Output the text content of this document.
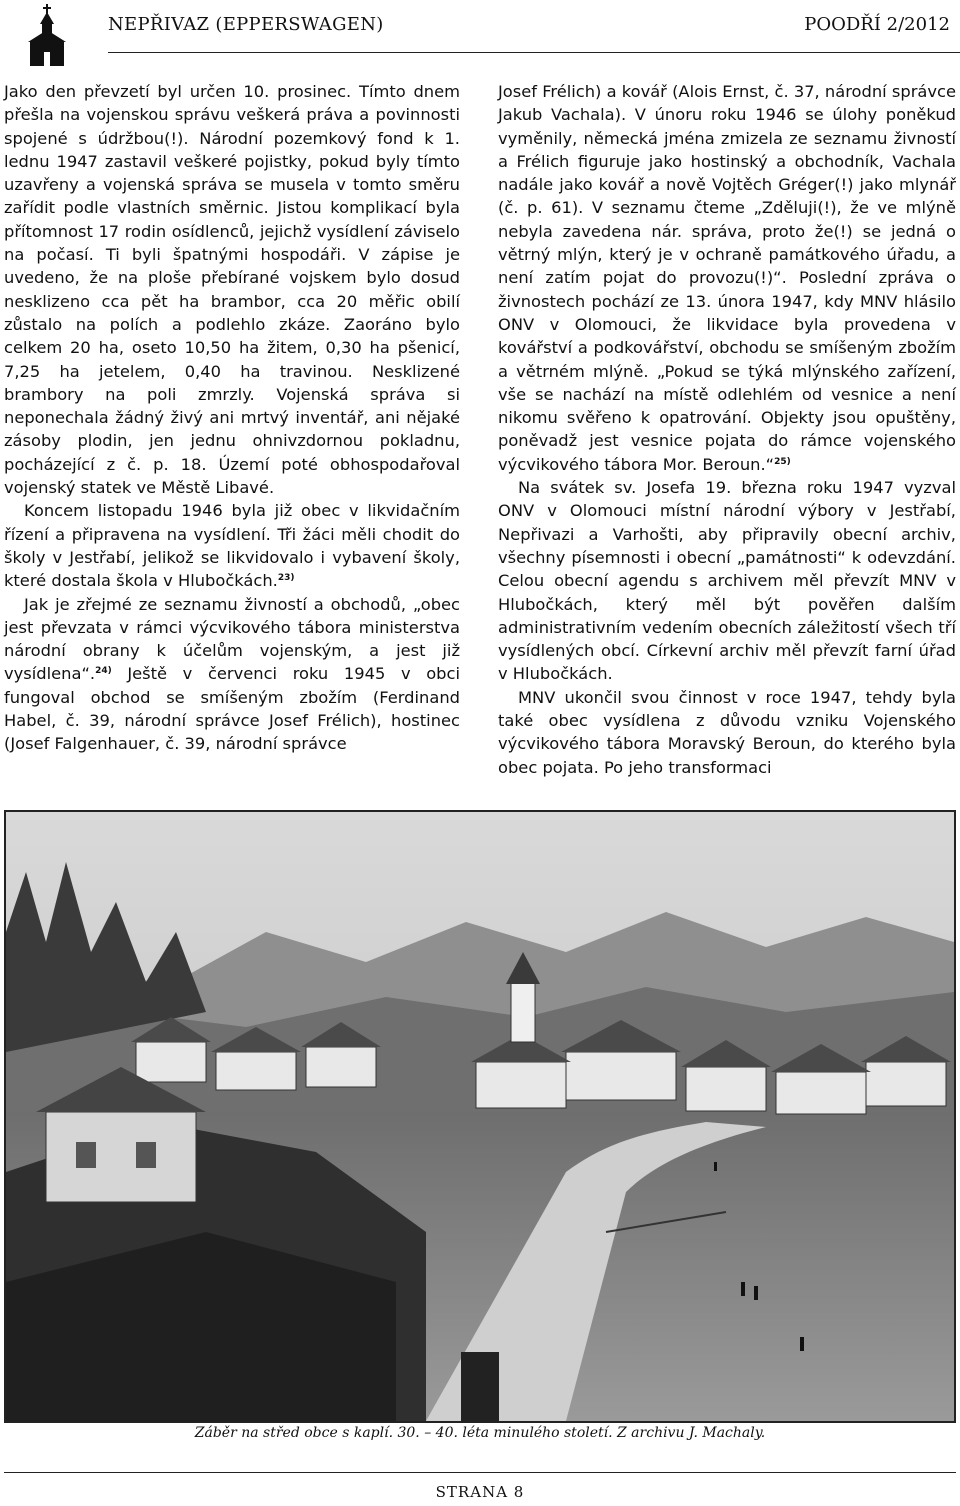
NEPŘIVAZ (EPPERSWAGEN)	POODŘÍ 2/2012

Jako den převzetí byl určen 10. prosinec. Tímto dnem přešla na vojenskou správu veškerá práva a povinnosti spojené s údržbou(!). Národní pozemkový fond k 1. lednu 1947 zastavil veškeré pojistky, pokud byly tímto uzavřeny a vojenská správa se musela v tomto směru zařídit podle vlastních směrnic. Jistou komplikací byla přítomnost 17 rodin osídlenců, jejichž vysídlení záviselo na počasí. Ti byli špatnými hospodáři. V zápise je uvedeno, že na ploše přebírané vojskem bylo dosud nesklizeno cca pět ha brambor, cca 20 měřic obilí zůstalo na polích a podlehlo zkáze. Zaoráno bylo celkem 20 ha, oseto 10,50 ha žitem, 0,30 ha pšenicí, 7,25 ha jetelem, 0,40 ha travinou. Nesklizené brambory na poli zmrzly. Vojenská správa si neponechala žádný živý ani mrtvý inventář, ani nějaké zásoby plodin, jen jednu ohnivzdornou pokladnu, pocházející z č. p. 18. Území poté obhospodařoval vojenský statek ve Městě Libavé.

Koncem listopadu 1946 byla již obec v likvidačním řízení a připravena na vysídlení. Tři žáci měli chodit do školy v Jestřabí, jelikož se likvidovalo i vybavení školy, které dostala škola v Hlubočkách.$^{23)}$

Jak je zřejmé ze seznamu živností a obchodů, „obec jest převzata v rámci výcvikového tábora ministerstva národní obrany k účelům vojenským, a jest již vysídlena“.$^{24)}$ Ještě v červenci roku 1945 v obci fungoval obchod se smíšeným zbožím (Ferdinand Habel, č. 39, národní správce Josef Frélich), hostinec (Josef Falgenhauer, č. 39, národní správce

Josef Frélich) a kovář (Alois Ernst, č. 37, národní správce Jakub Vachala). V únoru roku 1946 se úlohy poněkud vyměnily, německá jména zmizela ze seznamu živností a Frélich figuruje jako hostinský a obchodník, Vachala nadále jako kovář a nově Vojtěch Gréger(!) jako mlynář (č. p. 61). V seznamu čteme „Zděluji(!), že ve mlýně nebyla zavedena nár. správa, proto že(!) se jedná o větrný mlýn, který je v ochraně památkového úřadu, a není zatím pojat do provozu(!)“. Poslední zpráva o živnostech pochází ze 13. února 1947, kdy MNV hlásilo ONV v Olomouci, že likvidace byla provedena v kovářství a podkovářství, obchodu se smíšeným zbožím a větrném mlýně. „Pokud se týká mlýnského zařízení, vše se nachází na místě odlehlém od vesnice a není nikomu svěřeno k opatrování. Objekty jsou opuštěny, poněvadž jest vesnice pojata do rámce vojenského výcvikového tábora Mor. Beroun.“$^{25)}$

Na svátek sv. Josefa 19. března roku 1947 vyzval ONV v Olomouci místní národní výbory v Jestřabí, Nepřivazi a Varhošti, aby připravily obecní archiv, všechny písemnosti i obecní „památnosti“ k odevzdání. Celou obecní agendu s archivem měl převzít MNV v Hlubočkách, který měl být pověřen dalším administrativním vedením obecních záležitostí všech tří vysídlených obcí. Církevní archiv měl převzít farní úřad v Hlubočkách.

MNV ukončil svou činnost v roce 1947, tehdy byla také obec vysídlena z důvodu vzniku Vojenského výcvikového tábora Moravský Beroun, do kterého byla obec pojata. Po jeho transformaci

Záběr na střed obce s kaplí. 30. – 40. léta minulého století. Z archivu J. Machaly.
STRANA 8
